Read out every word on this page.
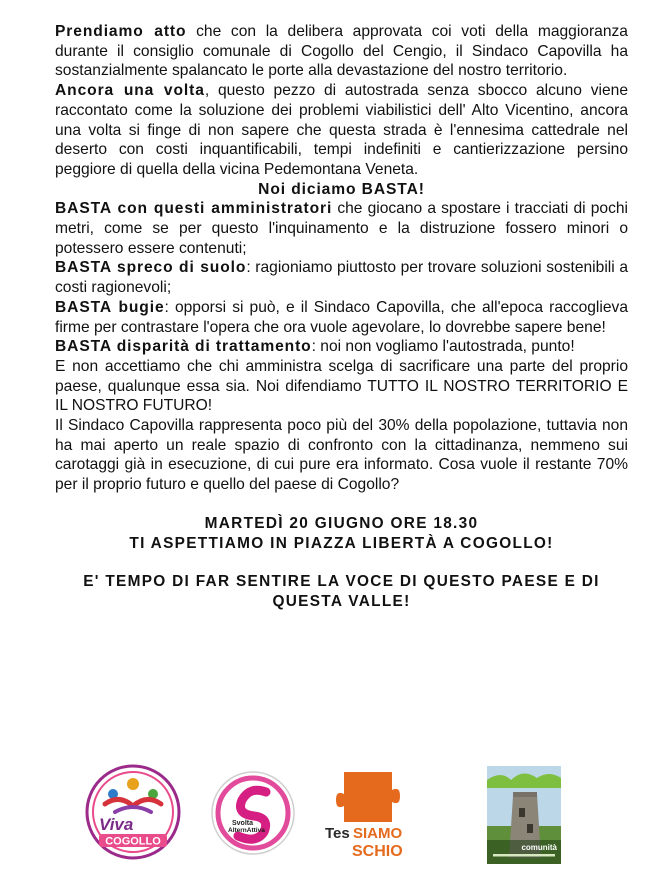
Prendiamo atto che con la delibera approvata coi voti della maggioranza durante il consiglio comunale di Cogollo del Cengio, il Sindaco Capovilla ha sostanzialmente spalancato le porte alla devastazione del nostro territorio.

Ancora una volta, questo pezzo di autostrada senza sbocco alcuno viene raccontato come la soluzione dei problemi viabilistici dell' Alto Vicentino, ancora una volta si finge di non sapere che questa strada è l'ennesima cattedrale nel deserto con costi inquantificabili, tempi indefiniti e cantierizzazione persino peggiore di quella della vicina Pedemontana Veneta.

Noi diciamo BASTA!

BASTA con questi amministratori che giocano a spostare i tracciati di pochi metri, come se per questo l'inquinamento e la distruzione fossero minori o potessero essere contenuti;

BASTA spreco di suolo: ragioniamo piuttosto per trovare soluzioni sostenibili a costi ragionevoli;

BASTA bugie: opporsi si può, e il Sindaco Capovilla, che all'epoca raccoglieva firme per contrastare l'opera che ora vuole agevolare, lo dovrebbe sapere bene!

BASTA disparità di trattamento: noi non vogliamo l'autostrada, punto!

E non accettiamo che chi amministra scelga di sacrificare una parte del proprio paese, qualunque essa sia. Noi difendiamo TUTTO IL NOSTRO TERRITORIO E IL NOSTRO FUTURO!

Il Sindaco Capovilla rappresenta poco più del 30% della popolazione, tuttavia non ha mai aperto un reale spazio di confronto con la cittadinanza, nemmeno sui carotaggi già in esecuzione, di cui pure era informato. Cosa vuole il restante 70% per il proprio futuro e quello del paese di Cogollo?

MARTEDÌ 20 GIUGNO ORE 18.30

TI ASPETTIAMO IN PIAZZA LIBERTÀ A COGOLLO!

E' TEMPO DI FAR SENTIRE LA VOCE DI QUESTO PAESE E DI

QUESTA VALLE!

Viva
COGOLLO
Svolta
AlternAttiva	Tes SIAMO
SCHIO	comunità
